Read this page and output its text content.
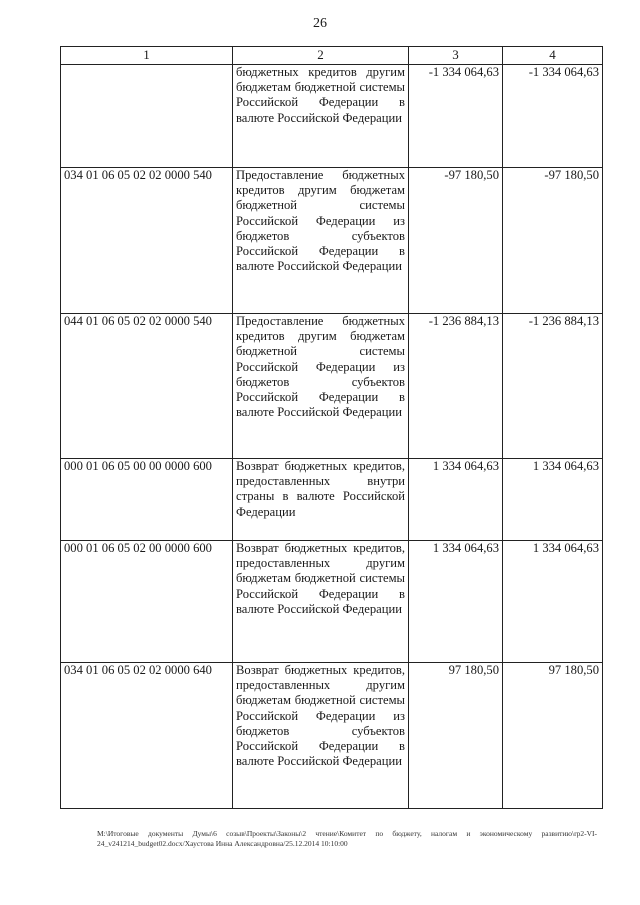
26
1	2	3	4
	бюджетных кредитов другим бюджетам бюджетной системы Российской Федерации в валюте Российской Федерации	-1 334 064,63	-1 334 064,63
034 01 06 05 02 02 0000 540	Предоставление бюджетных кредитов другим бюджетам бюджетной системы Российской Федерации из бюджетов субъектов Российской Федерации в валюте Российской Федерации	-97 180,50	-97 180,50
044 01 06 05 02 02 0000 540	Предоставление бюджетных кредитов другим бюджетам бюджетной системы Российской Федерации из бюджетов субъектов Российской Федерации в валюте Российской Федерации	-1 236 884,13	-1 236 884,13
000 01 06 05 00 00 0000 600	Возврат бюджетных кредитов, предоставленных внутри страны в валюте Российской Федерации	1 334 064,63	1 334 064,63
000 01 06 05 02 00 0000 600	Возврат бюджетных кредитов, предоставленных другим бюджетам бюджетной системы Российской Федерации в валюте Российской Федерации	1 334 064,63	1 334 064,63
034 01 06 05 02 02 0000 640	Возврат бюджетных кредитов, предоставленных другим бюджетам бюджетной системы Российской Федерации из бюджетов субъектов Российской Федерации в валюте Российской Федерации	97 180,50	97 180,50
M:\Итоговые документы Думы\6 созыв\Проекты\Законы\2 чтение\Комитет по бюджету, налогам и экономическому развитию\rp2-VI-24_v241214_budget02.docx/Хаустова Инна Александровна/25.12.2014 10:10:00
